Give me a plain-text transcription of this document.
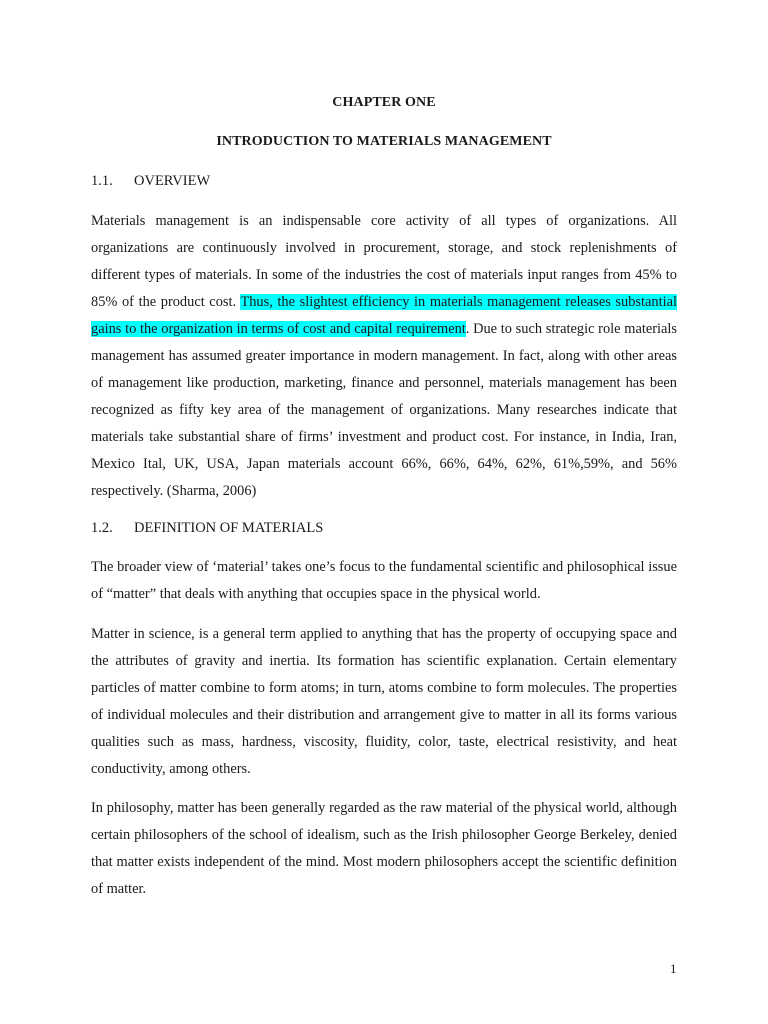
CHAPTER ONE
INTRODUCTION TO MATERIALS MANAGEMENT
1.1. OVERVIEW
Materials management is an indispensable core activity of all types of organizations. All organizations are continuously involved in procurement, storage, and stock replenishments of different types of materials. In some of the industries the cost of materials input ranges from 45% to 85% of the product cost. Thus, the slightest efficiency in materials management releases substantial gains to the organization in terms of cost and capital requirement. Due to such strategic role materials management has assumed greater importance in modern management. In fact, along with other areas of management like production, marketing, finance and personnel, materials management has been recognized as fifty key area of the management of organizations. Many researches indicate that materials take substantial share of firms’ investment and product cost. For instance, in India, Iran, Mexico Ital, UK, USA, Japan materials account 66%, 66%, 64%, 62%, 61%,59%, and 56% respectively. (Sharma, 2006)
1.2. DEFINITION OF MATERIALS
The broader view of ‘material’ takes one’s focus to the fundamental scientific and philosophical issue of “matter” that deals with anything that occupies space in the physical world.
Matter in science, is a general term applied to anything that has the property of occupying space and the attributes of gravity and inertia. Its formation has scientific explanation. Certain elementary particles of matter combine to form atoms; in turn, atoms combine to form molecules. The properties of individual molecules and their distribution and arrangement give to matter in all its forms various qualities such as mass, hardness, viscosity, fluidity, color, taste, electrical resistivity, and heat conductivity, among others.
In philosophy, matter has been generally regarded as the raw material of the physical world, although certain philosophers of the school of idealism, such as the Irish philosopher George Berkeley, denied that matter exists independent of the mind. Most modern philosophers accept the scientific definition of matter.
1
